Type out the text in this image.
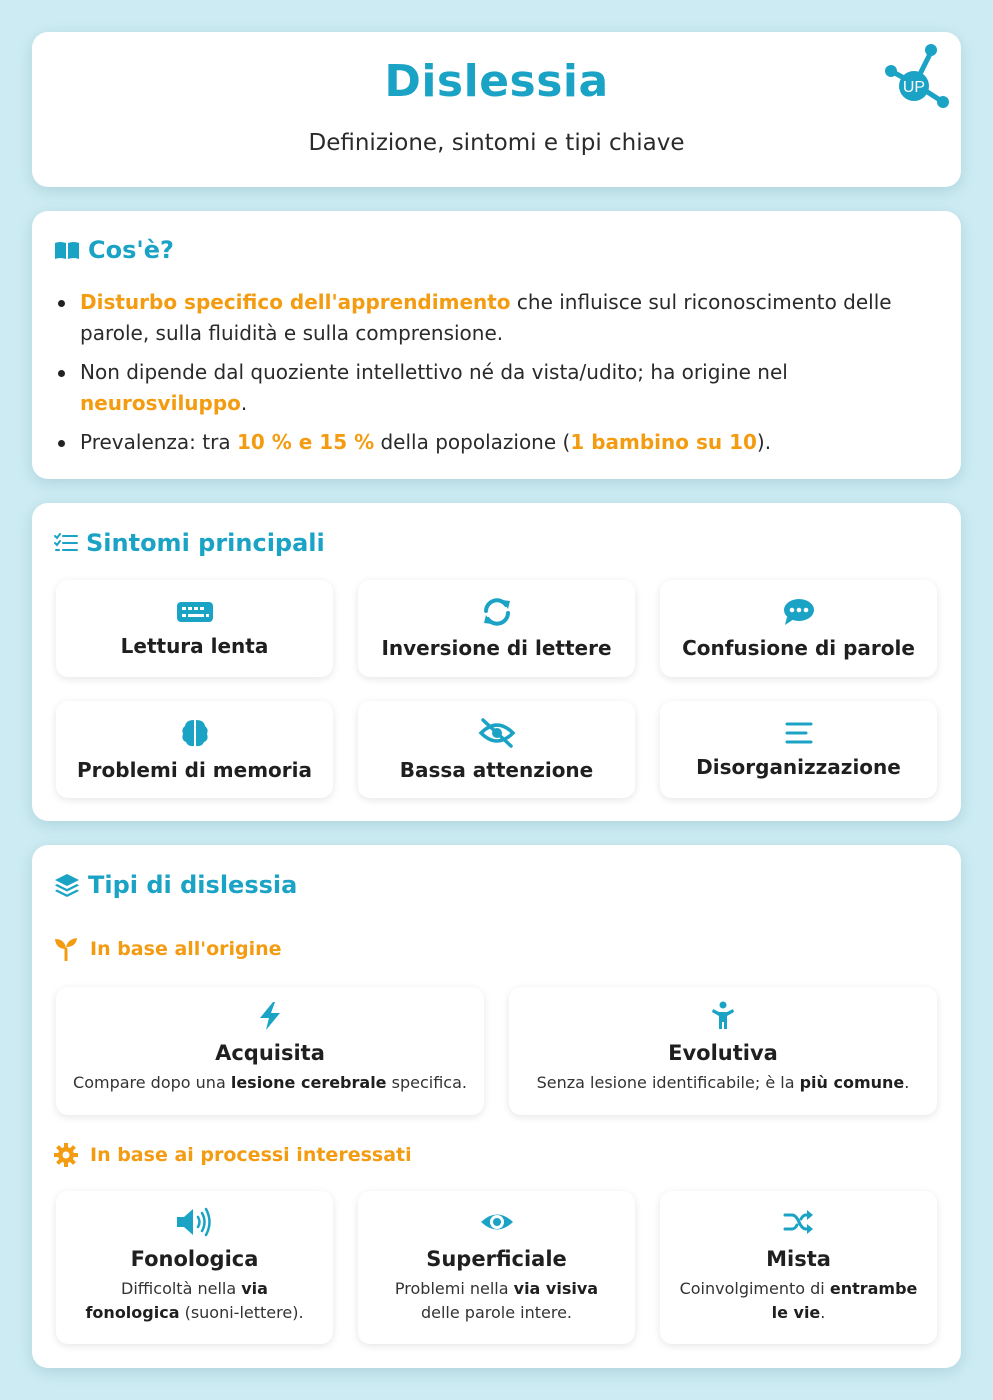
Dislessia
Definizione, sintomi e tipi chiave
UP
Cos'è?
Disturbo specifico dell'apprendimento che influisce sul riconoscimento delle parole, sulla fluidità e sulla comprensione.
Non dipende dal quoziente intellettivo né da vista/udito; ha origine nel neurosviluppo.
Prevalenza: tra 10 % e 15 % della popolazione (1 bambino su 10).
Sintomi principali
Lettura lenta	Inversione di lettere	Confusione di parole
Problemi di memoria	Bassa attenzione	Disorganizzazione
Tipi di dislessia
In base all'origine
Acquisita
Compare dopo una lesione cerebrale specifica.
Evolutiva
Senza lesione identificabile; è la più comune.
In base ai processi interessati
Fonologica
Difficoltà nella via fonologica (suoni-lettere).
Superficiale
Problemi nella via visiva delle parole intere.
Mista
Coinvolgimento di entrambe le vie.
